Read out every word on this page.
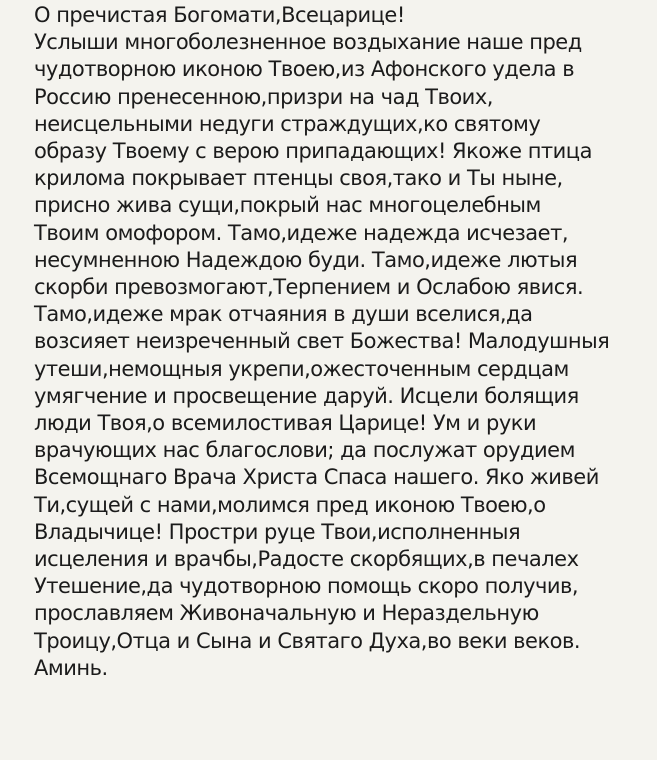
О пречистая Богомати,Всецарице!
Услыши многоболезненное воздыхание наше пред
чудотворною иконою Твоею,из Афонского удела в
Россию пренесенною,призри на чад Твоих,
неисцельными недуги страждущих,ко святому
образу Твоему с верою припадающих! Якоже птица
крилома покрывает птенцы своя,тако и Ты ныне,
присно жива сущи,покрый нас многоцелебным
Твоим омофором. Тамо,идеже надежда исчезает,
несумненною Надеждою буди. Тамо,идеже лютыя
скорби превозмогают,Терпением и Ослабою явися.
Тамо,идеже мрак отчаяния в души вселися,да
возсияет неизреченный свет Божества! Малодушныя
утеши,немощныя укрепи,ожесточенным сердцам
умягчение и просвещение даруй. Исцели болящия
люди Твоя,о всемилостивая Царице! Ум и руки
врачующих нас благослови; да послужат орудием
Всемощнаго Врача Христа Спаса нашего. Яко живей
Ти,сущей с нами,молимся пред иконою Твоею,о
Владычице! Простри руце Твои,исполненныя
исцеления и врачбы,Радосте скорбящих,в печалех
Утешение,да чудотворною помощь скоро получив,
прославляем Живоначальную и Нераздельную
Троицу,Отца и Сына и Святаго Духа,во веки веков.
Аминь.
